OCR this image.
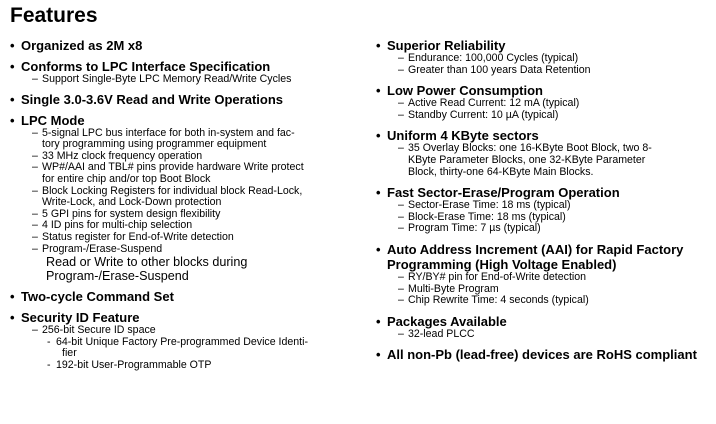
Features
• Organized as 2M x8
• Conforms to LPC Interface Specification
– Support Single-Byte LPC Memory Read/Write Cycles
• Single 3.0-3.6V Read and Write Operations
• LPC Mode
– 5-signal LPC bus interface for both in-system and fac-
tory programming using programmer equipment
– 33 MHz clock frequency operation
– WP#/AAI and TBL# pins provide hardware Write protect
for entire chip and/or top Boot Block
– Block Locking Registers for individual block Read-Lock,
Write-Lock, and Lock-Down protection
– 5 GPI pins for system design flexibility
– 4 ID pins for multi-chip selection
– Status register for End-of-Write detection
– Program-/Erase-Suspend
Read or Write to other blocks during
Program-/Erase-Suspend
• Two-cycle Command Set
• Security ID Feature
– 256-bit Secure ID space
- 64-bit Unique Factory Pre-programmed Device Identi-
fier
- 192-bit User-Programmable OTP
• Superior Reliability
– Endurance: 100,000 Cycles (typical)
– Greater than 100 years Data Retention
• Low Power Consumption
– Active Read Current: 12 mA (typical)
– Standby Current: 10 µA (typical)
• Uniform 4 KByte sectors
– 35 Overlay Blocks: one 16-KByte Boot Block, two 8-
KByte Parameter Blocks, one 32-KByte Parameter
Block, thirty-one 64-KByte Main Blocks.
• Fast Sector-Erase/Program Operation
– Sector-Erase Time: 18 ms (typical)
– Block-Erase Time: 18 ms (typical)
– Program Time: 7 µs (typical)
• Auto Address Increment (AAI) for Rapid Factory
Programming (High Voltage Enabled)
– RY/BY# pin for End-of-Write detection
– Multi-Byte Program
– Chip Rewrite Time: 4 seconds (typical)
• Packages Available
– 32-lead PLCC
• All non-Pb (lead-free) devices are RoHS compliant
